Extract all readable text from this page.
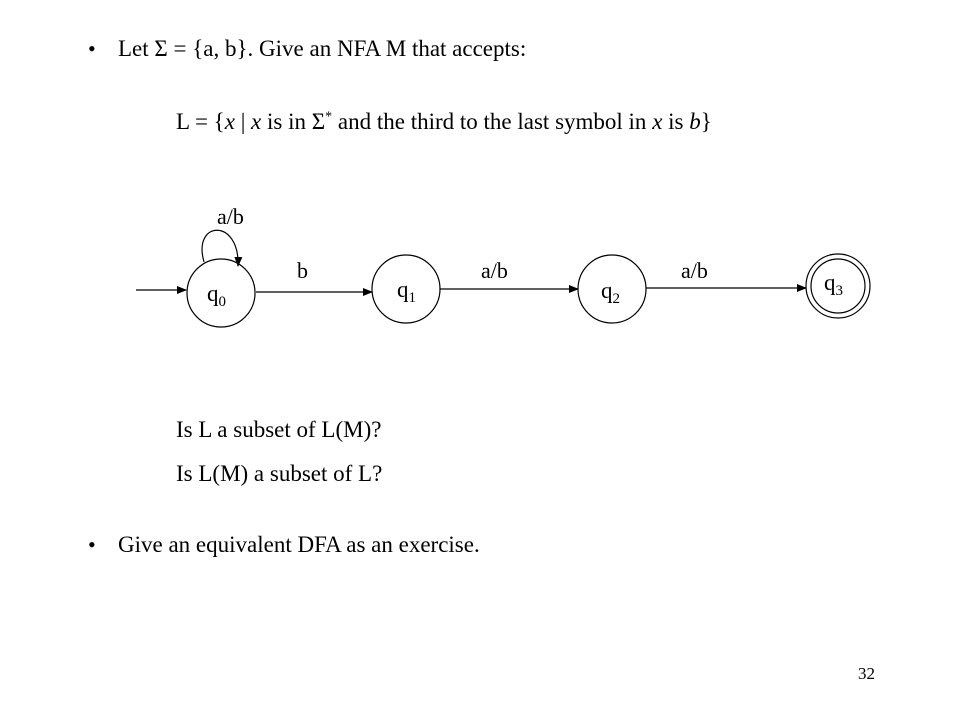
• Let Σ = {a, b}. Give an NFA M that accepts:
L = {x | x is in Σ* and the third to the last symbol in x is b}
a/b
$q_0$
b
$q_1$
a/b
$q_2$
a/b	$q_3$
Is L a subset of L(M)?
Is L(M) a subset of L?
• Give an equivalent DFA as an exercise.
32
